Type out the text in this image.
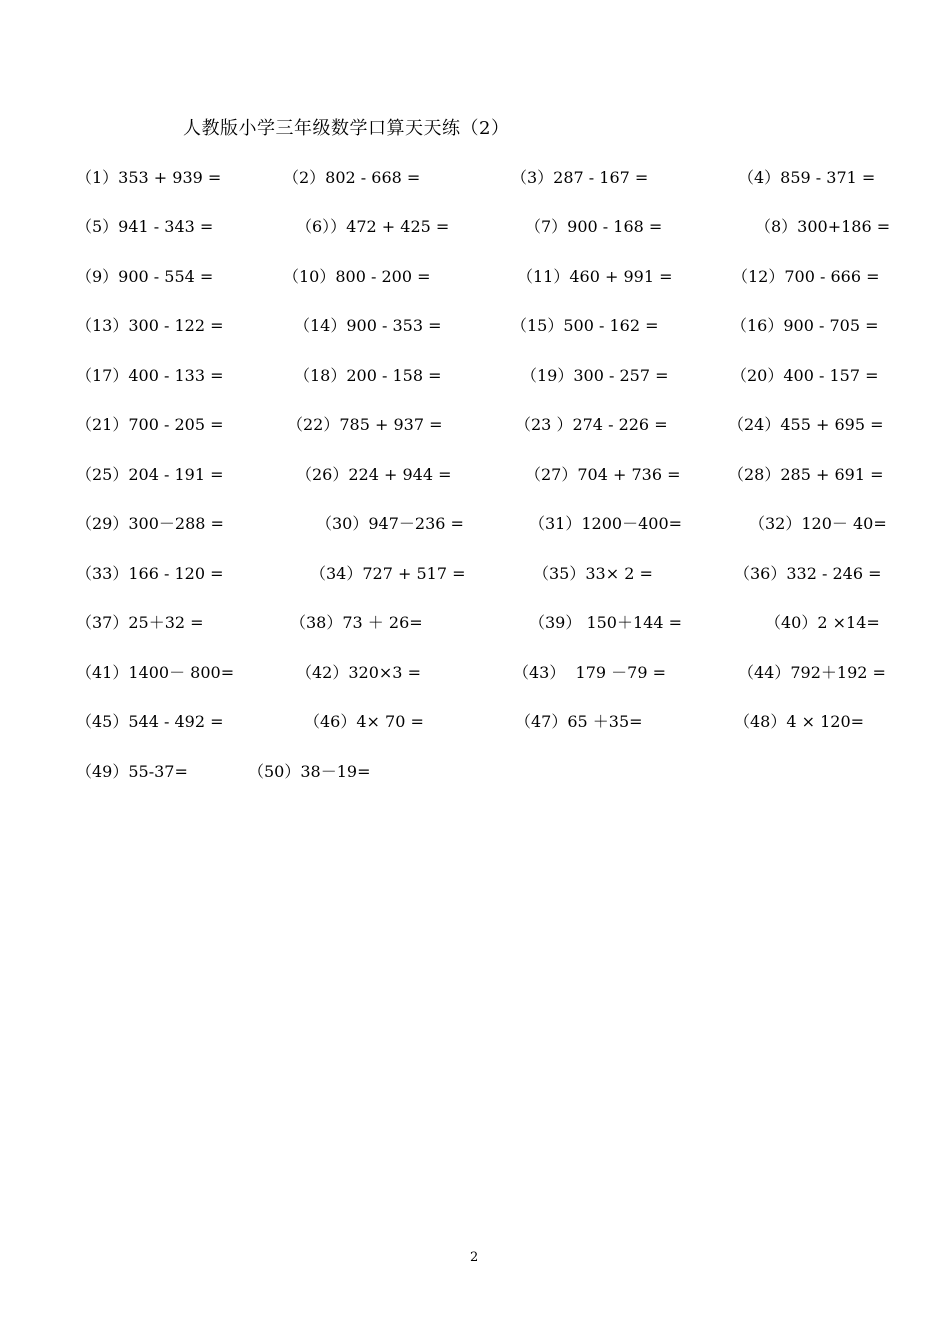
人教版小学三年级数学口算天天练（2）
（1）353 + 939 =	（2）802 - 668 =	（3）287 - 167 =	（4）859 - 371 =
（5）941 - 343 =	（6））472 + 425 =	（7）900 - 168 =	（8）300+186 =
（9）900 - 554 =	（10）800 - 200 =	（11）460 + 991 =	（12）700 - 666 =
（13）300 - 122 =	（14）900 - 353 =	（15）500 - 162 =	（16）900 - 705 =
（17）400 - 133 =	（18）200 - 158 =	（19）300 - 257 =	（20）400 - 157 =
（21）700 - 205 =	（22）785 + 937 =	（23 ）274 - 226 =	（24）455 + 695 =
（25）204 - 191 =	（26）224 + 944 =	（27）704 + 736 =	（28）285 + 691 =
（29）300－288 =	（30）947－236 =	（31）1200－400=	（32）120－ 40=
（33）166 - 120 =	（34）727 + 517 =	（35）33× 2 =	（36）332 - 246 =
（37）25＋32 =	（38）73 ＋ 26=	（39） 150＋144 =	（40）2 ×14=
（41）1400－ 800=	（42）320×3 =	（43）  179 －79 =	（44）792＋192 =
（45）544 - 492 =	（46）4× 70 =	（47）65 ＋35=	（48）4 × 120=
（49）55-37=	（50）38－19=
2
